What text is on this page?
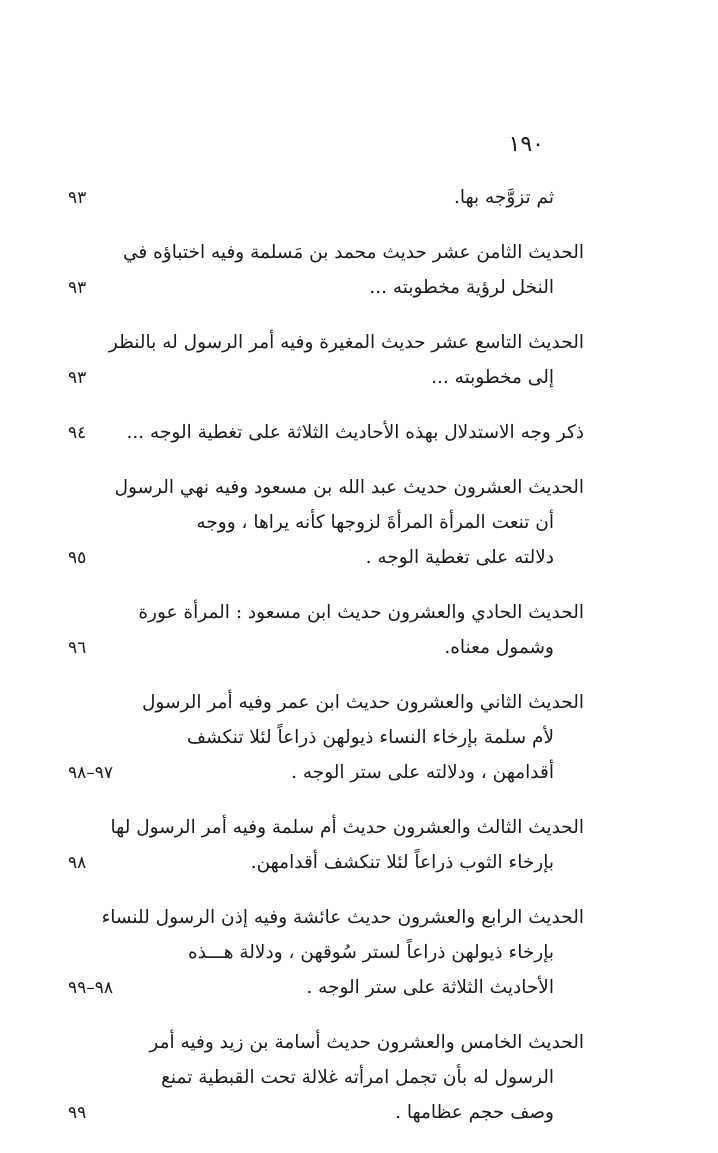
١٩٠
ثم تزوَّجه بها.
٩٣
الحديث الثامن عشر حديث محمد بن مَسلمة وفيه اختباؤه في
النخل لرؤية مخطوبته ...
٩٣
الحديث التاسع عشر حديث المغيرة وفيه أمر الرسول له بالنظر
إلى مخطوبته ...
٩٣
ذكر وجه الاستدلال بهذه الأحاديث الثلاثة على تغطية الوجه ...
٩٤
الحديث العشرون حديث عبد الله بن مسعود وفيه نهي الرسول
أن تنعت المرأة المرأةَ لزوجها كأنه يراها ، ووجه
دلالته على تغطية الوجه .
٩٥
الحديث الحادي والعشرون حديث ابن مسعود : المرأة عورة
وشمول معناه.
٩٦
الحديث الثاني والعشرون حديث ابن عمر وفيه أمر الرسول
لأم سلمة بإرخاء النساء ذيولهن ذراعاً لئلا تنكشف
أقدامهن ، ودلالته على ستر الوجه .
٩٧–٩٨
الحديث الثالث والعشرون حديث أم سلمة وفيه أمر الرسول لها
بإرخاء الثوب ذراعاً لئلا تنكشف أقدامهن.
٩٨
الحديث الرابع والعشرون حديث عائشة وفيه إذن الرسول للنساء
بإرخاء ذيولهن ذراعاً لستر سُوقهن ، ودلالة هـــذه
الأحاديث الثلاثة على ستر الوجه .
٩٨–٩٩
الحديث الخامس والعشرون حديث أسامة بن زيد وفيه أمر
الرسول له بأن تجمل امرأته غلالة تحت القبطية تمنع
وصف حجم عظامها .
٩٩
